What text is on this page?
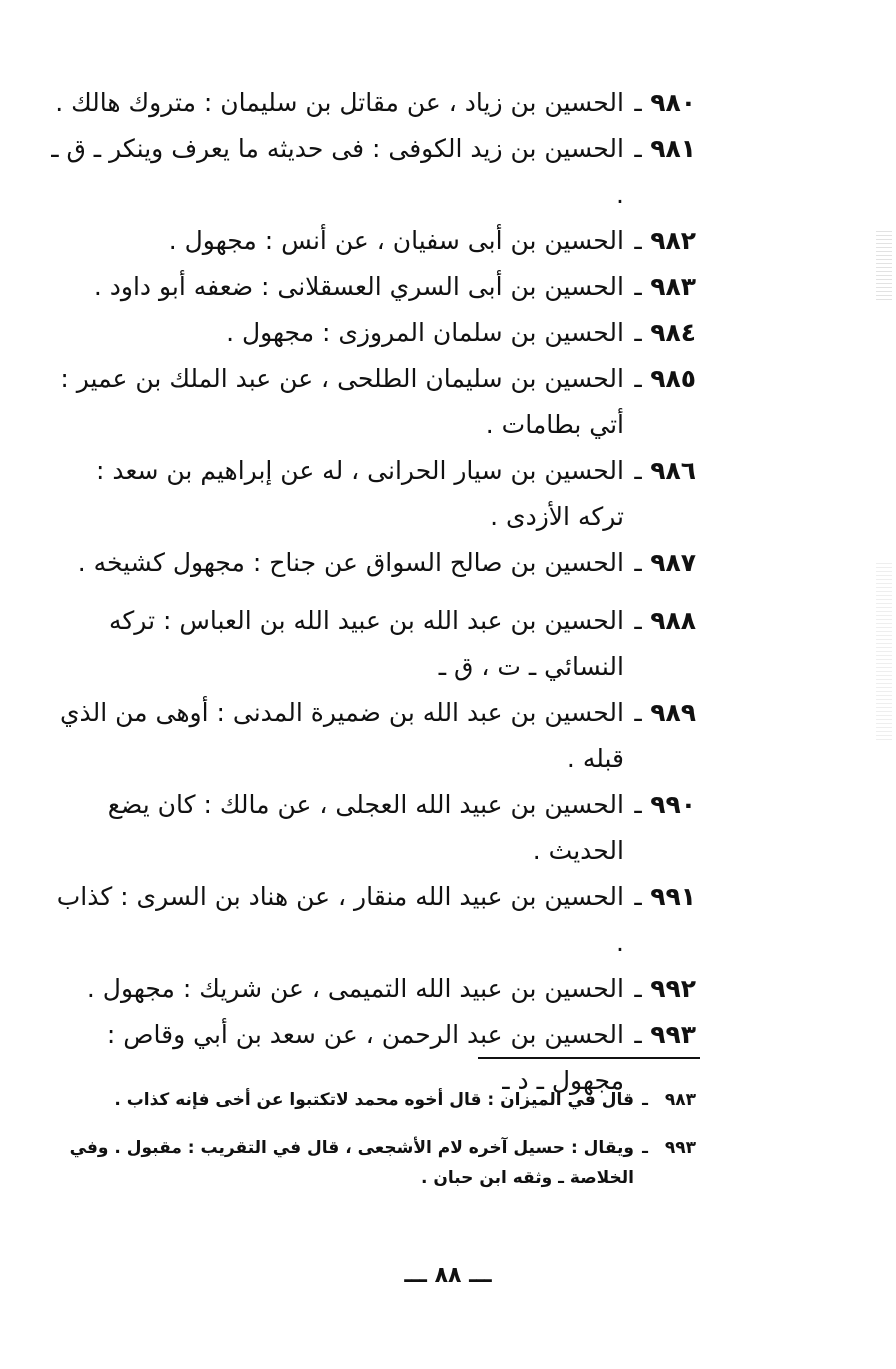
٩٨٠
ـ
الحسين بن زياد ، عن مقاتل بن سليمان : متروك هالك .
٩٨١
ـ
الحسين بن زيد الكوفى : فى حديثه ما يعرف وينكر ـ ق ـ .
٩٨٢
ـ
الحسين بن أبى سفيان ، عن أنس : مجهول .
٩٨٣
ـ
الحسين بن أبى السري العسقلانى : ضعفه أبو داود .
٩٨٤
ـ
الحسين بن سلمان المروزى : مجهول .
٩٨٥
ـ
الحسين بن سليمان الطلحى ، عن عبد الملك بن عمير : أتي بطامات .
٩٨٦
ـ
الحسين بن سيار الحرانى ، له عن إبراهيم بن سعد : تركه الأزدى .
٩٨٧
ـ
الحسين بن صالح السواق عن جناح : مجهول كشيخه .
٩٨٨
ـ
الحسين بن عبد الله بن عبيد الله بن العباس : تركه النسائي ـ ت ، ق ـ
٩٨٩
ـ
الحسين بن عبد الله بن ضميرة المدنى : أوهى من الذي قبله .
٩٩٠
ـ
الحسين بن عبيد الله العجلى ، عن مالك : كان يضع الحديث .
٩٩١
ـ
الحسين بن عبيد الله منقار ، عن هناد بن السرى : كذاب .
٩٩٢
ـ
الحسين بن عبيد الله التميمى ، عن شريك : مجهول .
٩٩٣
ـ
الحسين بن عبد الرحمن ، عن سعد بن أبي وقاص : مجهول ـ د ـ
٩٨٣
ـ
قال في الميزان : قال أخوه محمد لاتكتبوا عن أخى فإنه كذاب .
٩٩٣
ـ
ويقال : حسيل آخره لام الأشجعى ، قال في التقريب : مقبول . وفي الخلاصة ـ وثقه ابن حبان .
ـــ ٨٨ ـــ
